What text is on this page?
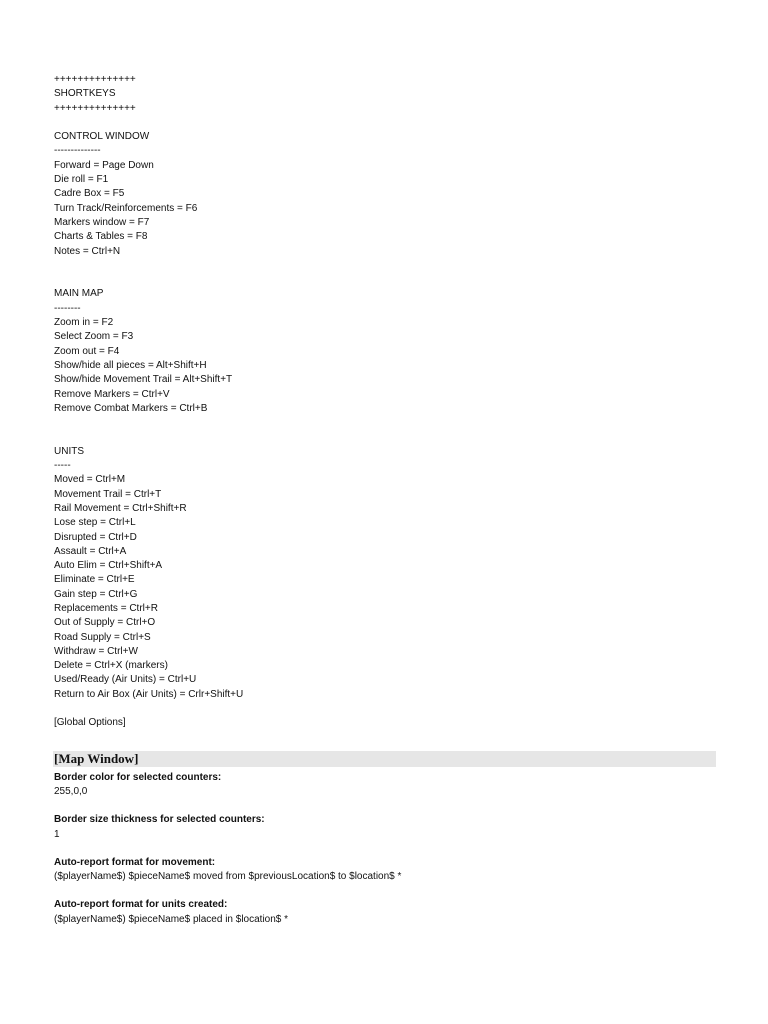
++++++++++++++
SHORTKEYS
++++++++++++++
CONTROL WINDOW
--------------
Forward = Page Down
Die roll = F1
Cadre Box = F5
Turn Track/Reinforcements = F6
Markers window = F7
Charts & Tables = F8
Notes = Ctrl+N
MAIN MAP
--------
Zoom in = F2
Select Zoom = F3
Zoom out = F4
Show/hide all pieces = Alt+Shift+H
Show/hide Movement Trail = Alt+Shift+T
Remove Markers = Ctrl+V
Remove Combat Markers = Ctrl+B
UNITS
-----
Moved = Ctrl+M
Movement Trail = Ctrl+T
Rail Movement = Ctrl+Shift+R
Lose step = Ctrl+L
Disrupted = Ctrl+D
Assault = Ctrl+A
Auto Elim = Ctrl+Shift+A
Eliminate = Ctrl+E
Gain step = Ctrl+G
Replacements = Ctrl+R
Out of Supply = Ctrl+O
Road Supply = Ctrl+S
Withdraw = Ctrl+W
Delete = Ctrl+X (markers)
Used/Ready (Air Units) = Ctrl+U
Return to Air Box (Air Units) = Crlr+Shift+U
[Global Options]
[Map Window]
Border color for selected counters:
255,0,0
Border size thickness for selected counters:
1
Auto-report format for movement:
($playerName$) $pieceName$ moved from $previousLocation$ to $location$ *
Auto-report format for units created:
($playerName$) $pieceName$ placed in $location$ *
